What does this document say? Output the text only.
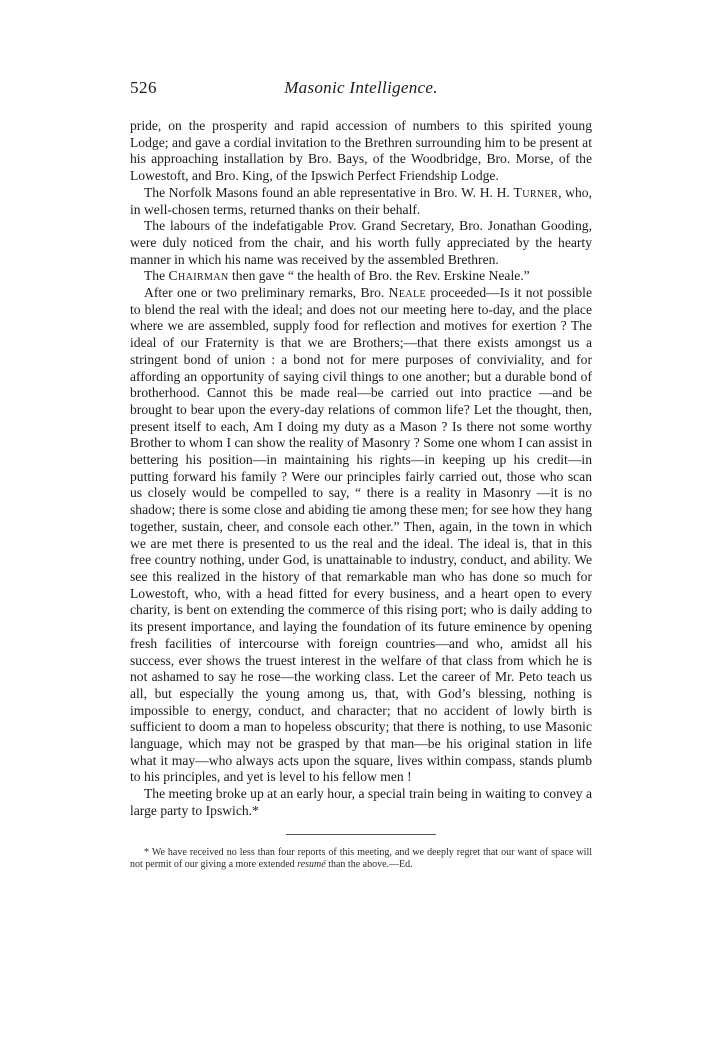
526	Masonic Intelligence.

pride, on the prosperity and rapid accession of numbers to this spirited young Lodge; and gave a cordial invitation to the Brethren surrounding him to be present at his approaching installation by Bro. Bays, of the Woodbridge, Bro. Morse, of the Lowestoft, and Bro. King, of the Ipswich Perfect Friendship Lodge.

The Norfolk Masons found an able representative in Bro. W. H. H. Turner, who, in well-chosen terms, returned thanks on their behalf.

The labours of the indefatigable Prov. Grand Secretary, Bro. Jonathan Gooding, were duly noticed from the chair, and his worth fully appreciated by the hearty manner in which his name was received by the assembled Brethren.

The Chairman then gave “ the health of Bro. the Rev. Erskine Neale.”

After one or two preliminary remarks, Bro. Neale proceeded—Is it not possible to blend the real with the ideal; and does not our meeting here to-day, and the place where we are assembled, supply food for reflection and motives for exertion ? The ideal of our Fraternity is that we are Brothers;—that there exists amongst us a stringent bond of union : a bond not for mere purposes of conviviality, and for affording an opportunity of saying civil things to one another; but a durable bond of brotherhood. Cannot this be made real—be carried out into practice —and be brought to bear upon the every-day relations of common life? Let the thought, then, present itself to each, Am I doing my duty as a Mason ? Is there not some worthy Brother to whom I can show the reality of Masonry ? Some one whom I can assist in bettering his position—in maintaining his rights—in keeping up his credit—in putting forward his family ? Were our principles fairly carried out, those who scan us closely would be compelled to say, “ there is a reality in Masonry —it is no shadow; there is some close and abiding tie among these men; for see how they hang together, sustain, cheer, and console each other.” Then, again, in the town in which we are met there is presented to us the real and the ideal. The ideal is, that in this free country nothing, under God, is unattainable to industry, conduct, and ability. We see this realized in the history of that remarkable man who has done so much for Lowestoft, who, with a head fitted for every business, and a heart open to every charity, is bent on extending the commerce of this rising port; who is daily adding to its present importance, and laying the foundation of its future eminence by opening fresh facilities of intercourse with foreign countries—and who, amidst all his success, ever shows the truest interest in the welfare of that class from which he is not ashamed to say he rose—the working class. Let the career of Mr. Peto teach us all, but especially the young among us, that, with God’s blessing, nothing is impossible to energy, conduct, and character; that no accident of lowly birth is sufficient to doom a man to hopeless obscurity; that there is nothing, to use Masonic language, which may not be grasped by that man—be his original station in life what it may—who always acts upon the square, lives within compass, stands plumb to his principles, and yet is level to his fellow men !

The meeting broke up at an early hour, a special train being in waiting to convey a large party to Ipswich.*

* We have received no less than four reports of this meeting, and we deeply regret that our want of space will not permit of our giving a more extended resumé than the above.—Ed.
